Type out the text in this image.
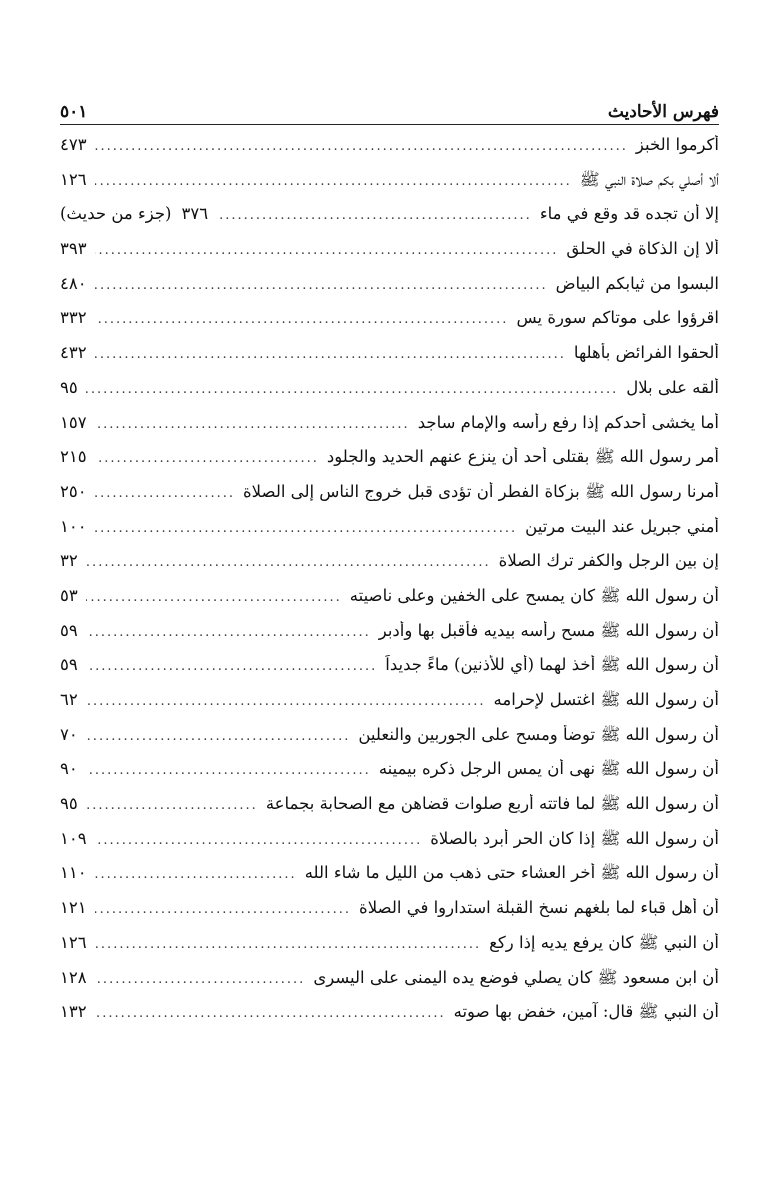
فهرس الأحاديث
٥٠١
أكرموا الخبز
.....
٤٧٣
ألا أصلي بكم صلاة النبي ﷺ
.....
١٢٦
إلا أن تجده قد وقع في ماء
.....
٣٧٦
(جزء من حديث)
ألا إن الذكاة في الحلق
.....
٣٩٣
البسوا من ثيابكم البياض
.....
٤٨٠
اقرؤوا على موتاكم سورة يس
.....
٣٣٢
ألحقوا الفرائض بأهلها
.....
٤٣٢
ألقه على بلال
.....
٩٥
أما يخشى أحدكم إذا رفع رأسه والإمام ساجد
.....
١٥٧
أمر رسول الله ﷺ بقتلى أحد أن ينزع عنهم الحديد والجلود
.....
٢١٥
أمرنا رسول الله ﷺ بزكاة الفطر أن تؤدى قبل خروج الناس إلى الصلاة
.....
٢٥٠
أمني جبريل عند البيت مرتين
.....
١٠٠
إن بين الرجل والكفر ترك الصلاة
.....
٣٢
أن رسول الله ﷺ كان يمسح على الخفين وعلى ناصيته
.....
٥٣
أن رسول الله ﷺ مسح رأسه بيديه فأقبل بها وأدبر
.....
٥٩
أن رسول الله ﷺ أخذ لهما (أي للأذنين) ماءً جديداً
.....
٥٩
أن رسول الله ﷺ اغتسل لإحرامه
.....
٦٢
أن رسول الله ﷺ توضأ ومسح على الجوربين والنعلين
.....
٧٠
أن رسول الله ﷺ نهى أن يمس الرجل ذكره بيمينه
.....
٩٠
أن رسول الله ﷺ لما فاتته أربع صلوات قضاهن مع الصحابة بجماعة
.....
٩٥
أن رسول الله ﷺ إذا كان الحر أبرد بالصلاة
.....
١٠٩
أن رسول الله ﷺ أخر العشاء حتى ذهب من الليل ما شاء الله
.....
١١٠
أن أهل قباء لما بلغهم نسخ القبلة استداروا في الصلاة
.....
١٢١
أن النبي ﷺ كان يرفع يديه إذا ركع
.....
١٢٦
أن ابن مسعود ﷺ كان يصلي فوضع يده اليمنى على اليسرى
.....
١٢٨
أن النبي ﷺ قال: آمين، خفض بها صوته
.....
١٣٢
